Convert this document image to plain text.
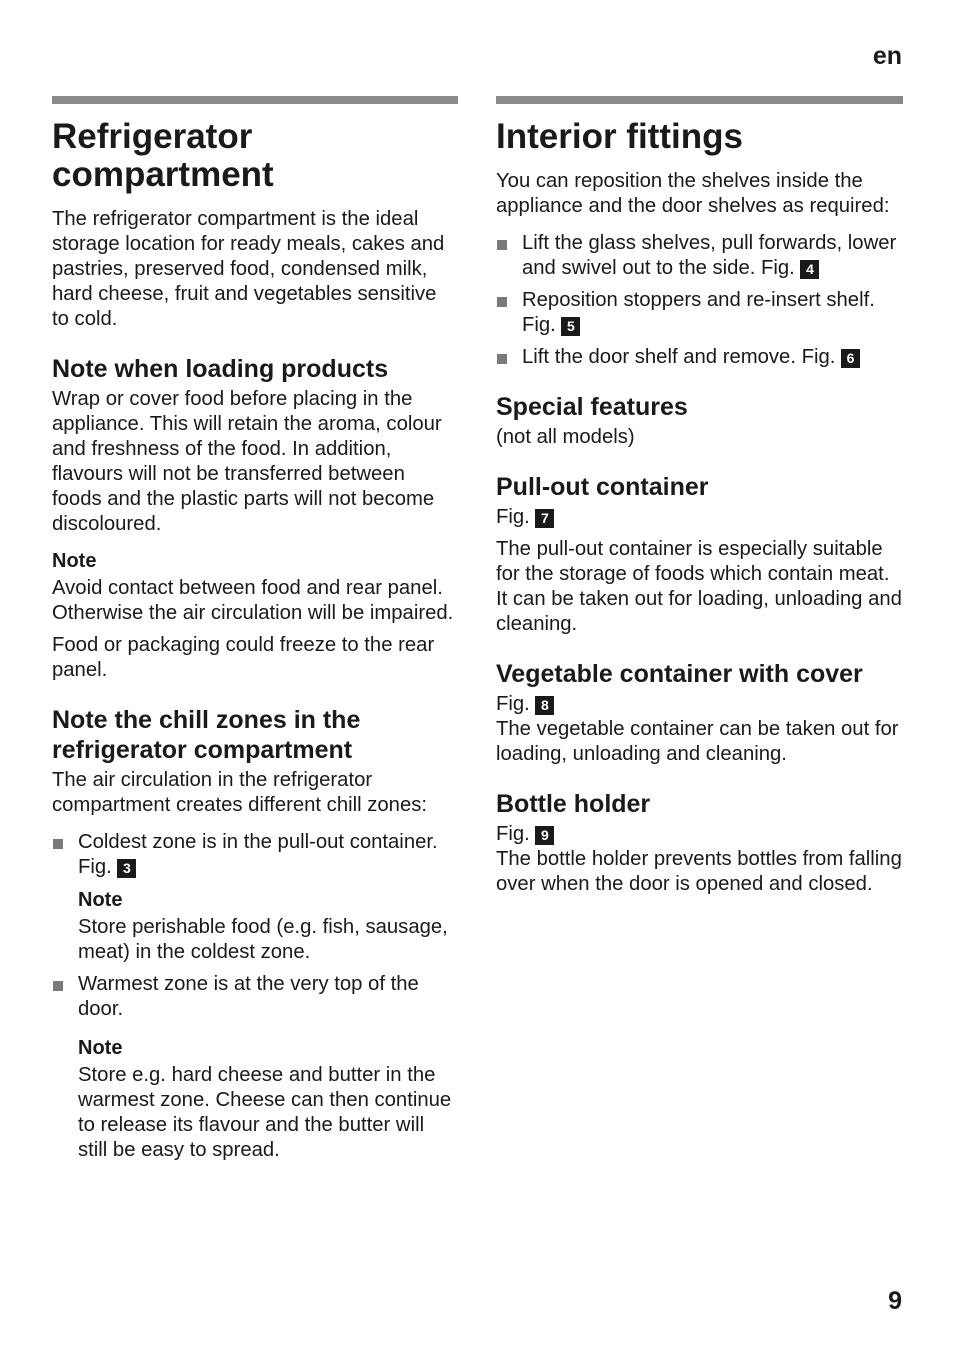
en
Refrigerator compartment

The refrigerator compartment is the ideal storage location for ready meals, cakes and pastries, preserved food, condensed milk, hard cheese, fruit and vegetables sensitive to cold.

Note when loading products

Wrap or cover food before placing in the appliance. This will retain the aroma, colour and freshness of the food. In addition, flavours will not be transferred between foods and the plastic parts will not become discoloured.

Note

Avoid contact between food and rear panel. Otherwise the air circulation will be impaired.

Food or packaging could freeze to the rear panel.

Note the chill zones in the refrigerator compartment

The air circulation in the refrigerator compartment creates different chill zones:

Coldest zone is in the pull-out container. Fig. 3
Note

Store perishable food (e.g. fish, sausage, meat) in the coldest zone.

Warmest zone is at the very top of the door.
Note

Store e.g. hard cheese and butter in the warmest zone. Cheese can then continue to release its flavour and the butter will still be easy to spread.

Interior fittings

You can reposition the shelves inside the appliance and the door shelves as required:

Lift the glass shelves, pull forwards, lower and swivel out to the side. Fig. 4
Reposition stoppers and re-insert shelf. Fig. 5
Lift the door shelf and remove. Fig. 6
Special features

(not all models)

Pull-out container

Fig. 7

The pull-out container is especially suitable for the storage of foods which contain meat. It can be taken out for loading, unloading and cleaning.

Vegetable container with cover

Fig. 8

The vegetable container can be taken out for loading, unloading and cleaning.

Bottle holder

Fig. 9

The bottle holder prevents bottles from falling over when the door is opened and closed.

9
